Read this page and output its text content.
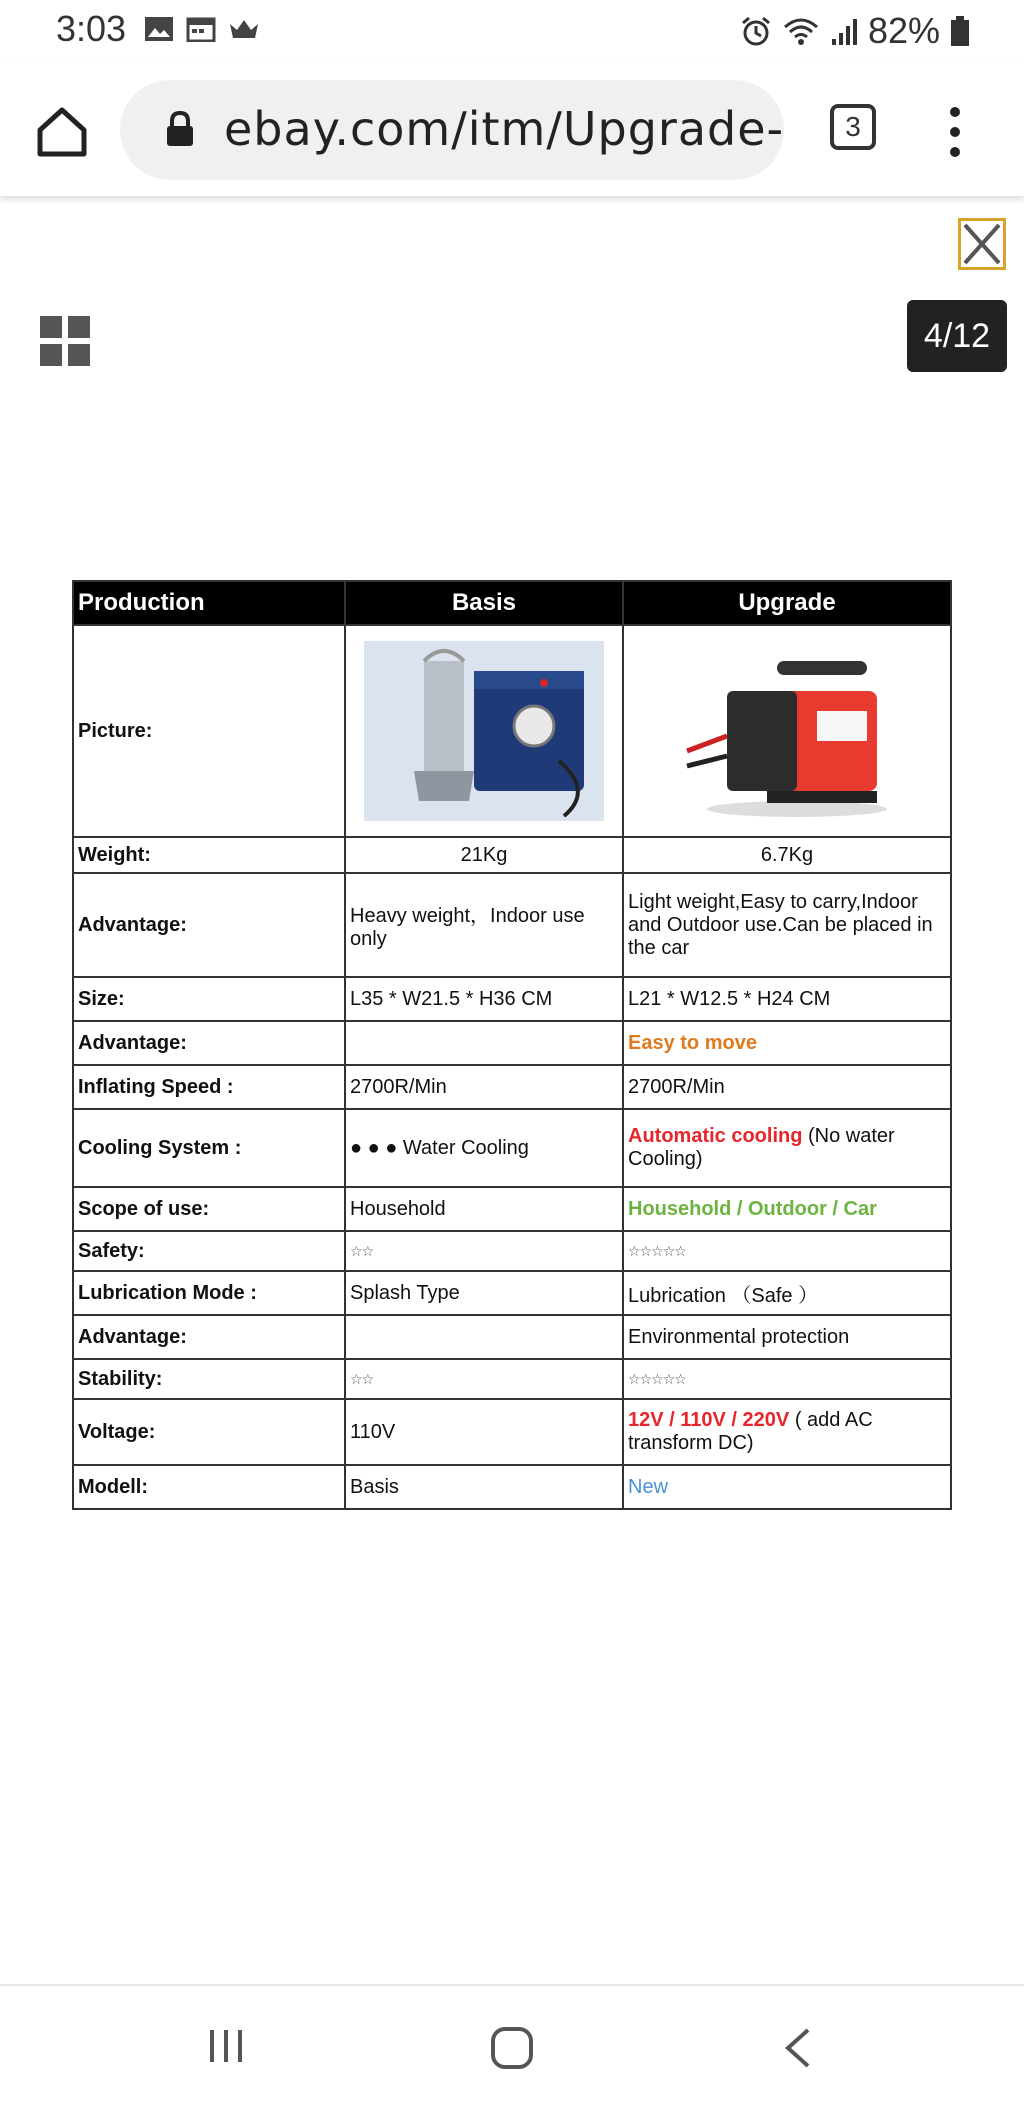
3:03	82%
ebay.com/itm/Upgrade-	3
4/12
Production	Basis	Upgrade
Picture:	

Weight:	21Kg	6.7Kg
Advantage:	Heavy weight，Indoor use only	Light weight,Easy to carry,Indoor and Outdoor use.Can be placed in the car
Size:	L35 * W21.5 * H36 CM	L21 * W12.5 * H24 CM
Advantage:		Easy to move
Inflating Speed :	2700R/Min	2700R/Min
Cooling System :	● ● ● Water Cooling	Automatic cooling (No water Cooling)
Scope of use:	Household	Household / Outdoor / Car
Safety:	☆☆	☆☆☆☆☆
Lubrication Mode :	Splash Type	Lubrication （Safe ）
Advantage:		Environmental protection
Stability:	☆☆	☆☆☆☆☆
Voltage:	110V	12V / 110V / 220V ( add AC transform DC)
Modell:	Basis	New
